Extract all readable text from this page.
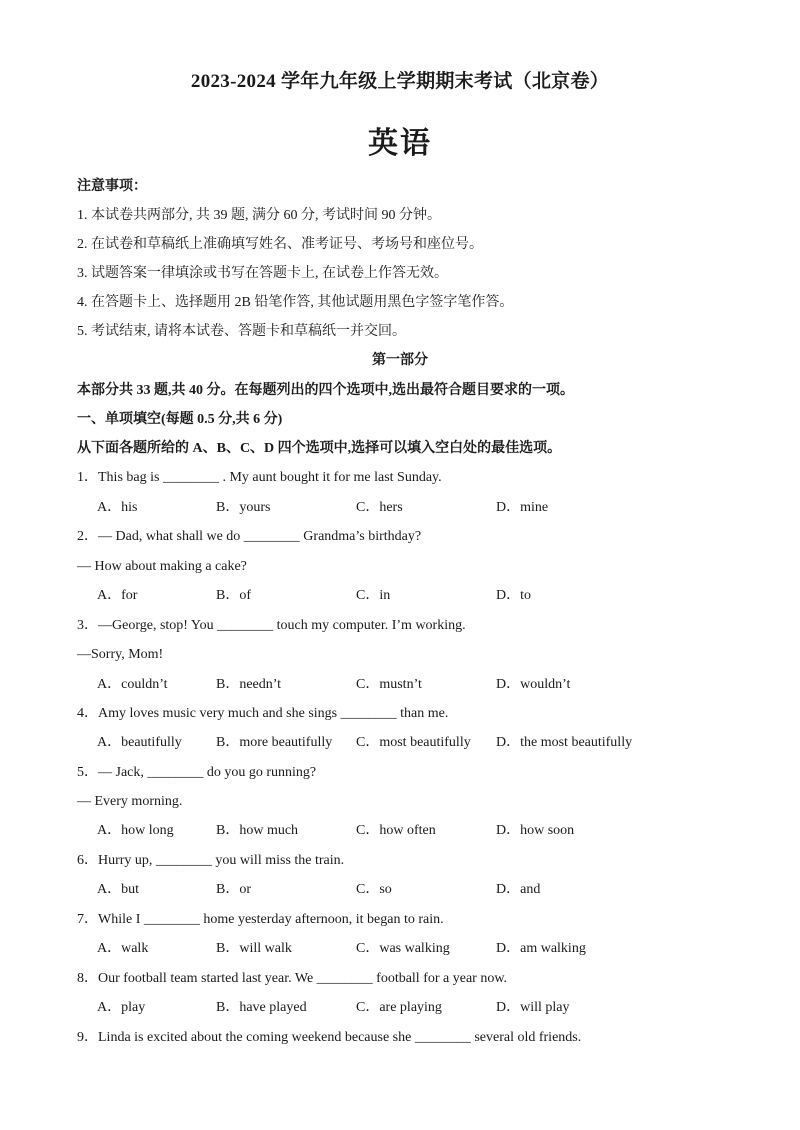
2023-2024 学年九年级上学期期末考试（北京卷）
英语
注意事项：
1. 本试卷共两部分, 共 39 题, 满分 60 分, 考试时间 90 分钟。
2. 在试卷和草稿纸上准确填写姓名、准考证号、考场号和座位号。
3. 试题答案一律填涂或书写在答题卡上, 在试卷上作答无效。
4. 在答题卡上、选择题用 2B 铅笔作答, 其他试题用黑色字签字笔作答。
5. 考试结束, 请将本试卷、答题卡和草稿纸一并交回。
第一部分
本部分共 33 题,共 40 分。在每题列出的四个选项中,选出最符合题目要求的一项。
一、单项填空(每题 0.5 分,共 6 分)
从下面各题所给的 A、B、C、D 四个选项中,选择可以填入空白处的最佳选项。
1．This bag is ________ . My aunt bought it for me last Sunday.
A．his	B．yours	C．hers	D．mine
2．— Dad, what shall we do ________ Grandma’s birthday?
— How about making a cake?
A．for	B．of	C．in	D．to
3．—George, stop! You ________ touch my computer. I’m working.
—Sorry, Mom!
A．couldn’t	B．needn’t	C．mustn’t	D．wouldn’t
4．Amy loves music very much and she sings ________ than me.
A．beautifully B．more beautifully C．most beautifully D．the most beautifully
5．— Jack, ________ do you go running?
— Every morning.
A．how long	B．how much	C．how often	D．how soon
6．Hurry up, ________ you will miss the train.
A．but	B．or	C．so	D．and
7．While I ________ home yesterday afternoon, it began to rain.
A．walk	B．will walk	C．was walking	D．am walking
8．Our football team started last year. We ________ football for a year now.
A．play	B．have played	C．are playing	D．will play
9．Linda is excited about the coming weekend because she ________ several old friends.
